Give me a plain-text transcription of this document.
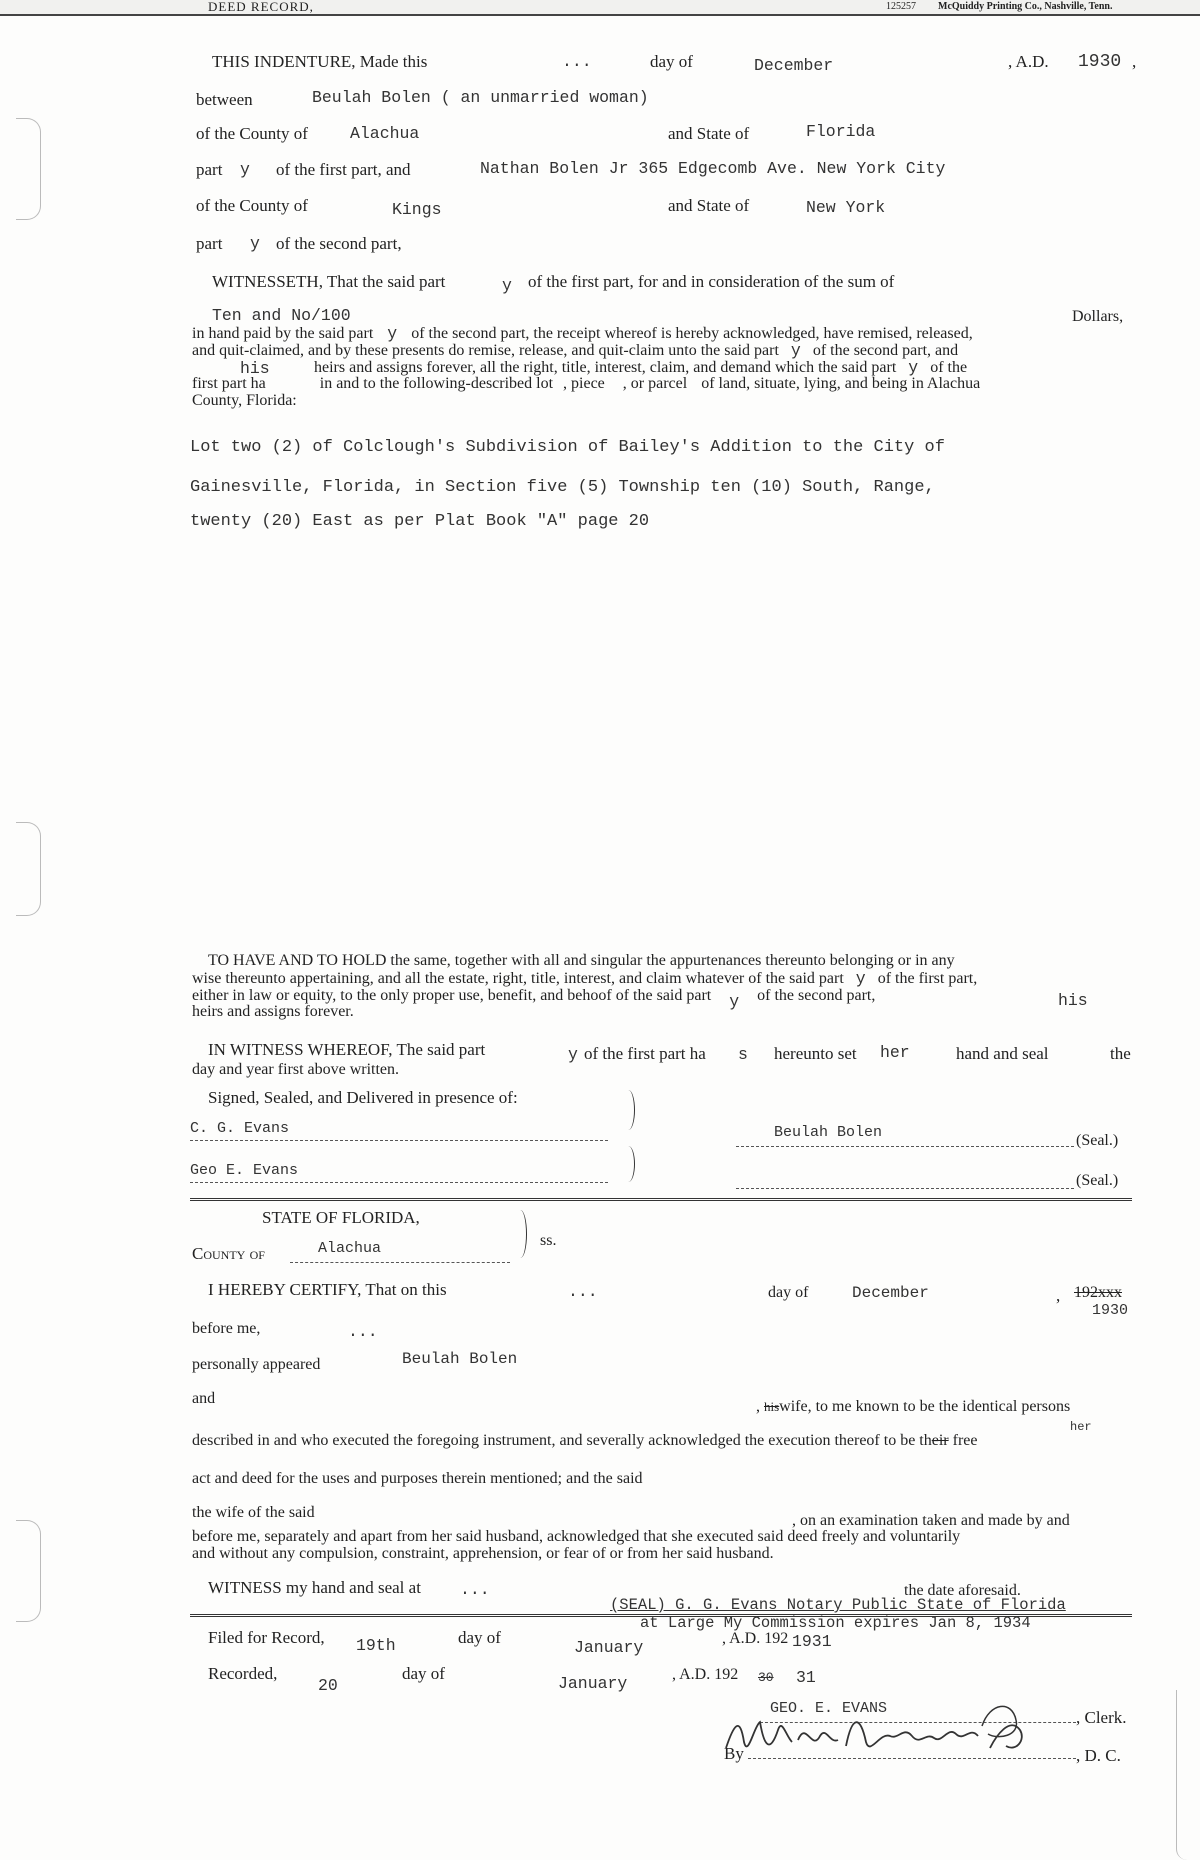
DEED RECORD,	125257 McQuiddy Printing Co., Nashville, Tenn.
THIS INDENTURE, Made this	...	day of	December	, A.D. 1930 ,
between	Beulah Bolen ( an unmarried woman)
of the County of	Alachua	and State of	Florida
part y of the first part, and	Nathan Bolen Jr 365 Edgecomb Ave. New York City
of the County of	Kings	and State of	New York
part y of the second part,
WITNESSETH, That the said part	y of the first part, for and in consideration of the sum of
Ten and No/100	Dollars,
in hand paid by the said part y of the second part, the receipt whereof is hereby acknowledged, have remised, released,
and quit-claimed, and by these presents do remise, release, and quit-claim unto the said part y of the second part, and
his	heirs and assigns forever, all the right, title, interest, claim, and demand which the said part y of the
first part ha	in and to the following-described lot , piece , or parcel of land, situate, lying, and being in Alachua
County, Florida:
Lot two (2) of Colclough's Subdivision of Bailey's Addition to the City of
Gainesville, Florida, in Section five (5) Township ten (10) South, Range,
twenty (20) East as per Plat Book "A" page 20
TO HAVE AND TO HOLD the same, together with all and singular the appurtenances thereunto belonging or in any
wise thereunto appertaining, and all the estate, right, title, interest, and claim whatever of the said part y of the first part,
either in law or equity, to the only proper use, benefit, and behoof of the said part y of the second part,	his
heirs and assigns forever.
IN WITNESS WHEREOF, The said part	y of the first part ha s hereunto set her	hand and seal	the
day and year first above written.
Signed, Sealed, and Delivered in presence of:
C. G. Evans
Geo E. Evans
Beulah Bolen	(Seal.)
(Seal.)
STATE OF FLORIDA,
ss.
County of	Alachua
I HEREBY CERTIFY, That on this	...	day of	December	, 192xxx
1930
before me,	...
personally appeared	Beulah Bolen
and	, hiswife, to me known to be the identical persons
described in and who executed the foregoing instrument, and severally acknowledged the execution thereof to be their free
her
act and deed for the uses and purposes therein mentioned; and the said
the wife of the said	, on an examination taken and made by and
before me, separately and apart from her said husband, acknowledged that she executed said deed freely and voluntarily
and without any compulsion, constraint, apprehension, or fear of or from her said husband.
WITNESS my hand and seal at ...	the date aforesaid.
(SEAL) G. G. Evans Notary Public State of Florida
at Large My Commission expires Jan 8, 1934
Filed for Record, 19th	day of
January	, A.D. 192 1931
Recorded,
20
day of
January	, A.D. 192 30 31
GEO. E. EVANS	, Clerk.
By	, D. C.
